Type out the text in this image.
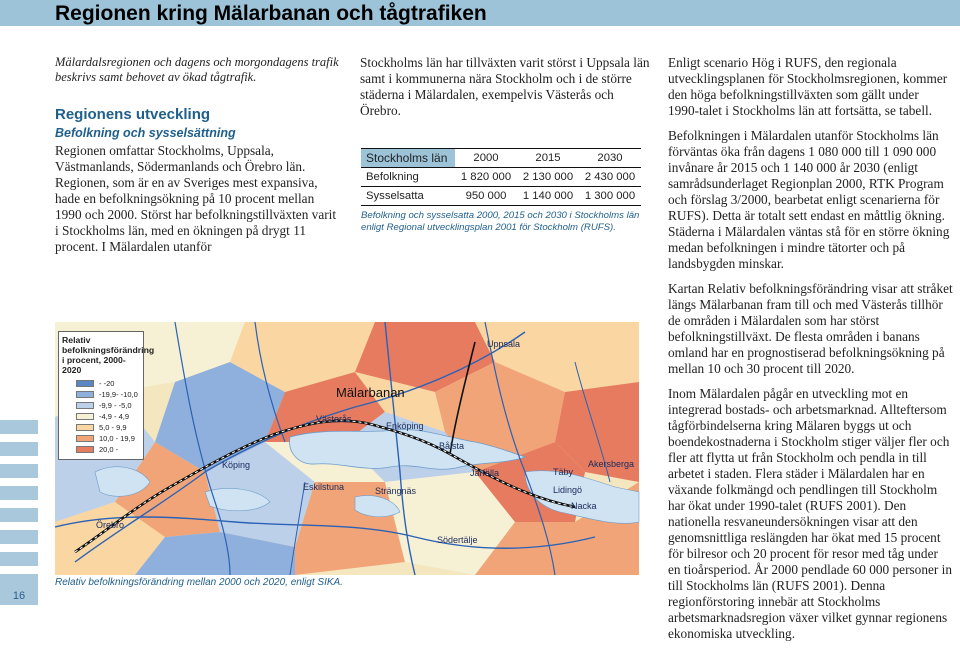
Regionen kring Mälarbanan och tågtrafiken
16

Mälardalsregionen och dagens och morgondagens trafik beskrivs samt behovet av ökad tågtrafik.

Regionens utveckling
Befolkning och sysselsättning

Regionen omfattar Stockholms, Uppsala, Västmanlands, Södermanlands och Örebro län. Regionen, som är en av Sveriges mest expansiva, hade en befolkningsökning på 10 procent mellan 1990 och 2000. Störst har befolkningstillväxten varit i Stockholms län, med en ökningen på drygt 11 procent. I Mälardalen utanför

Stockholms län har tillväxten varit störst i Uppsala län samt i kommunerna nära Stockholm och i de större städerna i Mälardalen, exempelvis Västerås och Örebro.

Stockholms län	2000	2015	2030
Befolkning	1 820 000	2 130 000	2 430 000
Sysselsatta	950 000	1 140 000	1 300 000

Befolkning och sysselsatta 2000, 2015 och 2030 i Stockholms län enligt Regional utvecklingsplan 2001 för Stockholm (RUFS).

Enligt scenario Hög i RUFS, den regionala utvecklingsplanen för Stockholmsregionen, kommer den höga befolkningstillväxten som gällt under 1990-talet i Stockholms län att fortsätta, se tabell.

Befolkningen i Mälardalen utanför Stockholms län förväntas öka från dagens 1 080 000 till 1 090 000 invånare år 2015 och 1 140 000 år 2030 (enligt samrådsunderlaget Regionplan 2000, RTK Program och förslag 3/2000, bearbetat enligt scenarierna för RUFS). Detta är totalt sett endast en måttlig ökning. Städerna i Mälardalen väntas stå för en större ökning medan befolkningen i mindre tätorter och på landsbygden minskar.

Kartan Relativ befolkningsförändring visar att stråket längs Mälarbanan fram till och med Västerås tillhör de områden i Mälardalen som har störst befolkningstillväxt. De flesta områden i banans omland har en prognostiserad befolkningsökning på mellan 10 och 30 procent till 2020.

Inom Mälardalen pågår en utveckling mot en integrerad bostads- och arbetsmarknad. Allteftersom tågförbindelserna kring Mälaren byggs ut och boendekostnaderna i Stockholm stiger väljer fler och fler att flytta ut från Stockholm och pendla in till arbetet i staden. Flera städer i Mälardalen har en växande folkmängd och pendlingen till Stockholm har ökat under 1990-talet (RUFS 2001). Den nationella resvaneundersökningen visar att den genomsnittliga reslängden har ökat med 15 procent för bilresor och 20 procent för resor med tåg under en tioårsperiod. År 2000 pendlade 60 000 personer in till Stockholms län (RUFS 2001). Denna regionförstoring innebär att Stockholms arbetsmarknadsregion växer vilket gynnar regionens ekonomiska utveckling.

Relativ befolkningsförändring i procent, 2000-2020
- -20
-19,9- -10,0
-9,9 - -5,0
-4,9 - 4,9
5,0 - 9,9
10,0 - 19,9
20,0 -
Mälarbanan
Uppsala
Västerås
Enköping
Bålsta
Köping
Eskilstuna	Strängnäs
Järfälla	Täby
Akersberga
Lidingö
Nacka
Örebro
Södertälje

Relativ befolkningsförändring mellan 2000 och 2020, enligt SIKA.
